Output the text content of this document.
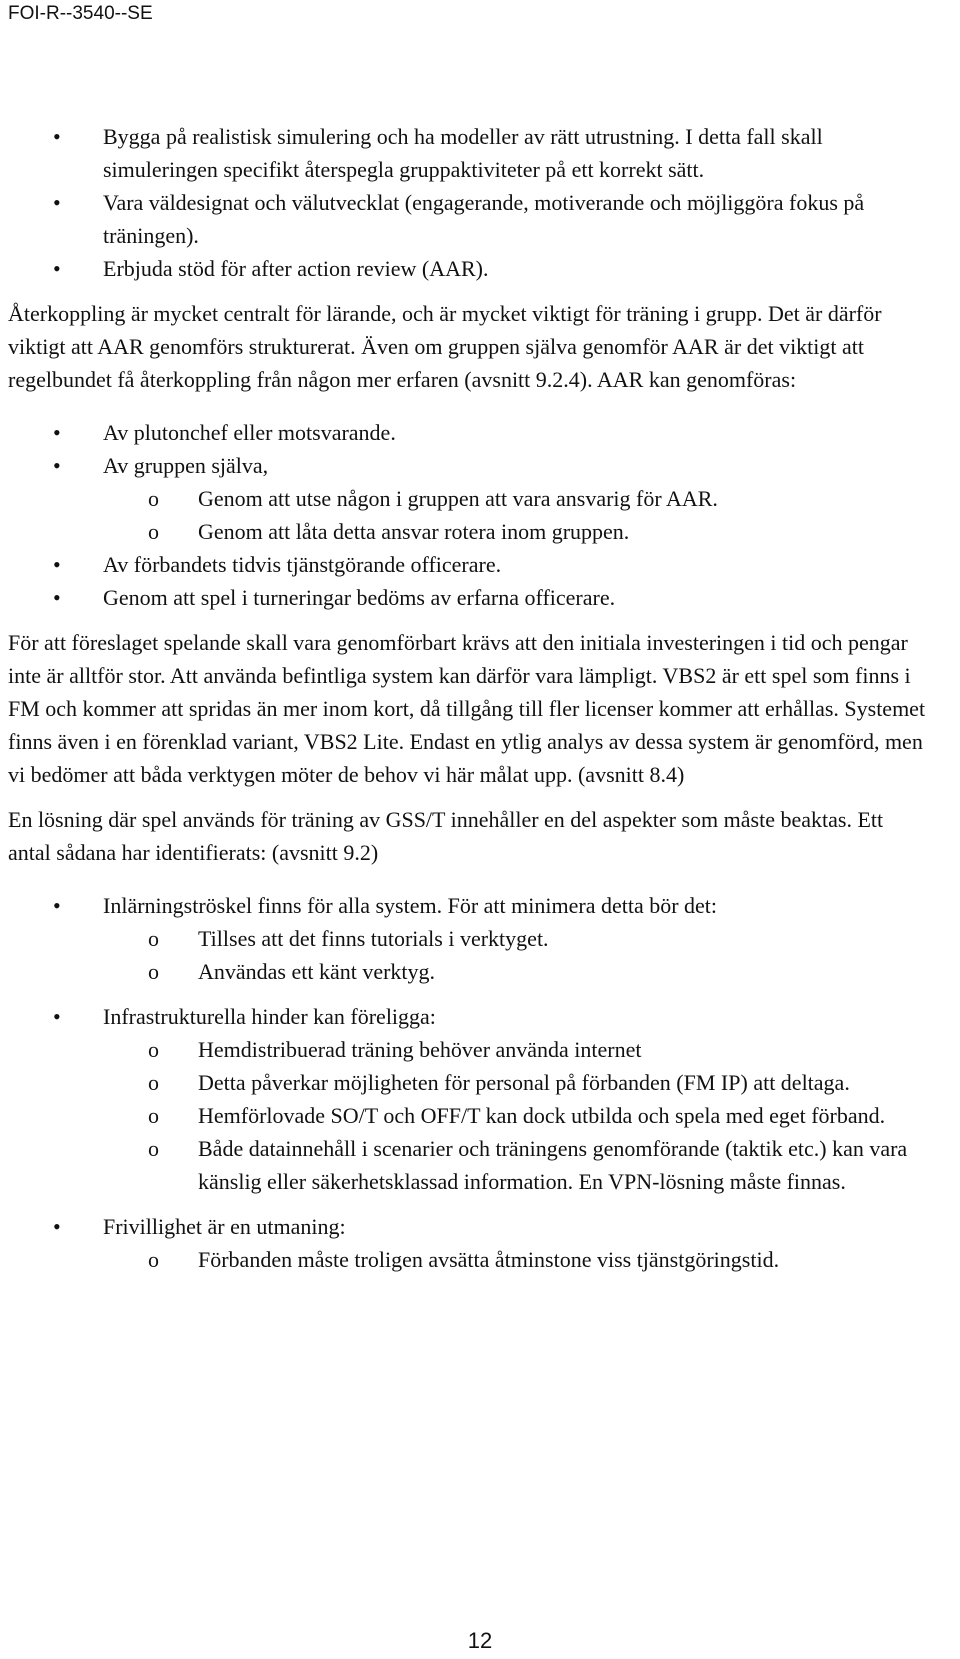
FOI-R--3540--SE
• Bygga på realistisk simulering och ha modeller av rätt utrustning. I detta fall skall simuleringen specifikt återspegla gruppaktiviteter på ett korrekt sätt.
• Vara väldesignat och välutvecklat (engagerande, motiverande och möjliggöra fokus på träningen).
• Erbjuda stöd för after action review (AAR).

Återkoppling är mycket centralt för lärande, och är mycket viktigt för träning i grupp. Det är därför viktigt att AAR genomförs strukturerat. Även om gruppen själva genomför AAR är det viktigt att regelbundet få återkoppling från någon mer erfaren (avsnitt 9.2.4). AAR kan genomföras:

• Av plutonchef eller motsvarande.
• Av gruppen själva,
o Genom att utse någon i gruppen att vara ansvarig för AAR.
o Genom att låta detta ansvar rotera inom gruppen.
• Av förbandets tidvis tjänstgörande officerare.
• Genom att spel i turneringar bedöms av erfarna officerare.

För att föreslaget spelande skall vara genomförbart krävs att den initiala investeringen i tid och pengar inte är alltför stor. Att använda befintliga system kan därför vara lämpligt. VBS2 är ett spel som finns i FM och kommer att spridas än mer inom kort, då tillgång till fler licenser kommer att erhållas. Systemet finns även i en förenklad variant, VBS2 Lite. Endast en ytlig analys av dessa system är genomförd, men vi bedömer att båda verktygen möter de behov vi här målat upp. (avsnitt 8.4)

En lösning där spel används för träning av GSS/T innehåller en del aspekter som måste beaktas. Ett antal sådana har identifierats: (avsnitt 9.2)

• Inlärningströskel finns för alla system. För att minimera detta bör det:
o Tillses att det finns tutorials i verktyget.
o Användas ett känt verktyg.
• Infrastrukturella hinder kan föreligga:
o Hemdistribuerad träning behöver använda internet
o Detta påverkar möjligheten för personal på förbanden (FM IP) att deltaga.
o Hemförlovade SO/T och OFF/T kan dock utbilda och spela med eget förband.
o Både datainnehåll i scenarier och träningens genomförande (taktik etc.) kan vara känslig eller säkerhetsklassad information. En VPN-lösning måste finnas.
• Frivillighet är en utmaning:
o Förbanden måste troligen avsätta åtminstone viss tjänstgöringstid.
12
